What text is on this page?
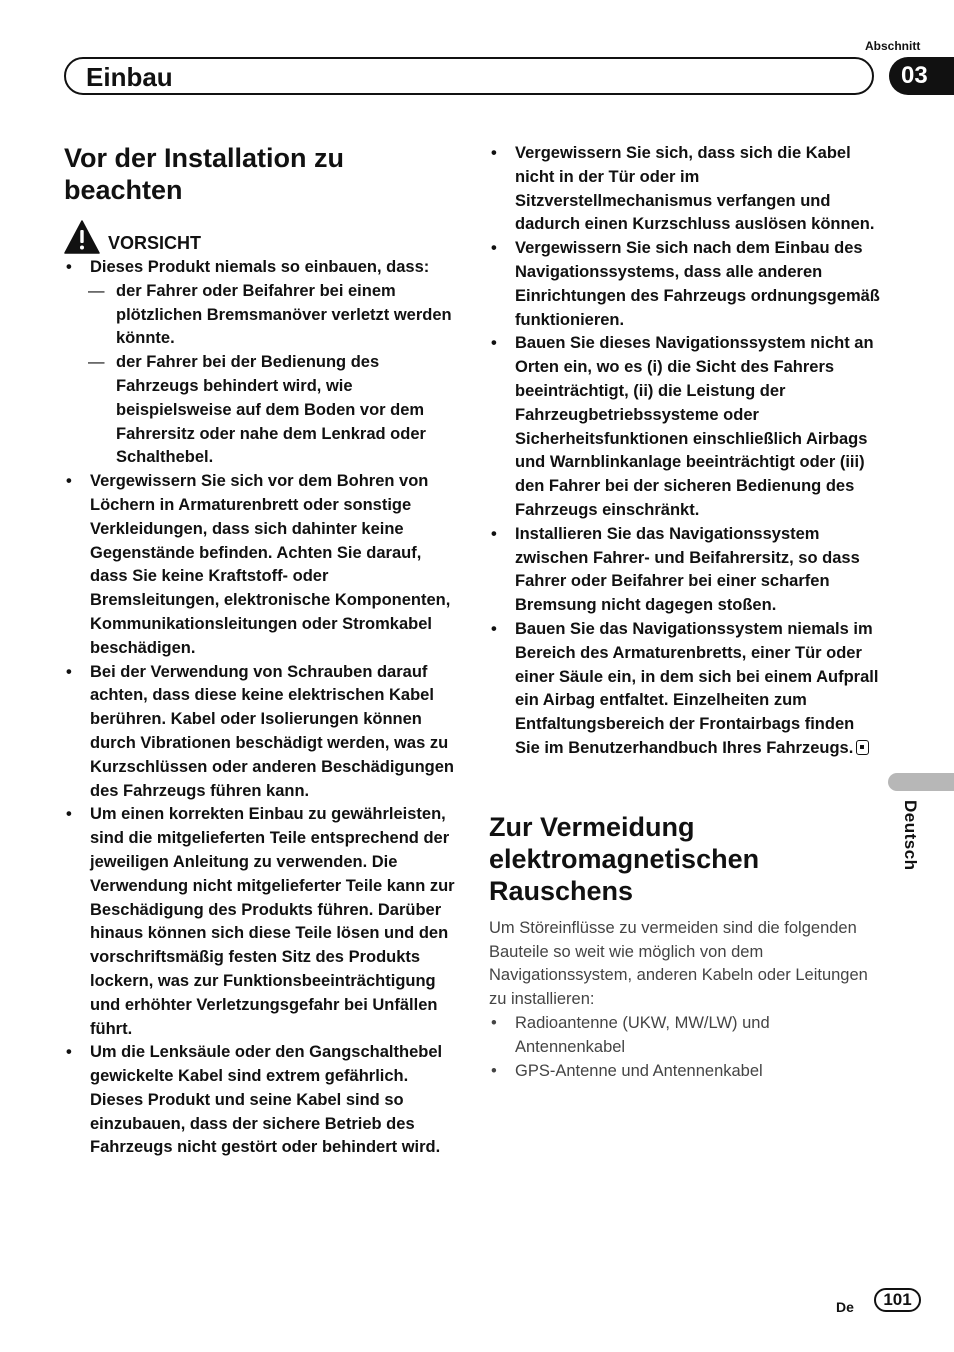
Abschnitt
Einbau	03
Vor der Installation zu beachten
VORSICHT
• Dieses Produkt niemals so einbauen, dass:
— der Fahrer oder Beifahrer bei einem plötzlichen Bremsmanöver verletzt werden könnte.
— der Fahrer bei der Bedienung des Fahrzeugs behindert wird, wie beispielsweise auf dem Boden vor dem Fahrersitz oder nahe dem Lenkrad oder Schalthebel.
• Vergewissern Sie sich vor dem Bohren von Löchern in Armaturenbrett oder sonstige Verkleidungen, dass sich dahinter keine Gegenstände befinden. Achten Sie darauf, dass Sie keine Kraftstoff- oder Bremsleitungen, elektronische Komponenten, Kommunikationsleitungen oder Stromkabel beschädigen.
• Bei der Verwendung von Schrauben darauf achten, dass diese keine elektrischen Kabel berühren. Kabel oder Isolierungen können durch Vibrationen beschädigt werden, was zu Kurzschlüssen oder anderen Beschädigungen des Fahrzeugs führen kann.
• Um einen korrekten Einbau zu gewährleisten, sind die mitgelieferten Teile entsprechend der jeweiligen Anleitung zu verwenden. Die Verwendung nicht mitgelieferter Teile kann zur Beschädigung des Produkts führen. Darüber hinaus können sich diese Teile lösen und den vorschriftsmäßig festen Sitz des Produkts lockern, was zur Funktionsbeeinträchtigung und erhöhter Verletzungsgefahr bei Unfällen führt.
• Um die Lenksäule oder den Gangschalthebel gewickelte Kabel sind extrem gefährlich. Dieses Produkt und seine Kabel sind so einzubauen, dass der sichere Betrieb des Fahrzeugs nicht gestört oder behindert wird.
• Vergewissern Sie sich, dass sich die Kabel nicht in der Tür oder im Sitzverstellmechanismus verfangen und dadurch einen Kurzschluss auslösen können.
• Vergewissern Sie sich nach dem Einbau des Navigationssystems, dass alle anderen Einrichtungen des Fahrzeugs ordnungsgemäß funktionieren.
• Bauen Sie dieses Navigationssystem nicht an Orten ein, wo es (i) die Sicht des Fahrers beeinträchtigt, (ii) die Leistung der Fahrzeugbetriebssysteme oder Sicherheitsfunktionen einschließlich Airbags und Warnblinkanlage beeinträchtigt oder (iii) den Fahrer bei der sicheren Bedienung des Fahrzeugs einschränkt.
• Installieren Sie das Navigationssystem zwischen Fahrer- und Beifahrersitz, so dass Fahrer oder Beifahrer bei einer scharfen Bremsung nicht dagegen stoßen.
• Bauen Sie das Navigationssystem niemals im Bereich des Armaturenbretts, einer Tür oder einer Säule ein, in dem sich bei einem Aufprall ein Airbag entfaltet. Einzelheiten zum Entfaltungsbereich der Frontairbags finden Sie im Benutzerhandbuch Ihres Fahrzeugs.
Zur Vermeidung elektromagnetischen Rauschens

Um Störeinflüsse zu vermeiden sind die folgenden Bauteile so weit wie möglich von dem Navigationssystem, anderen Kabeln oder Leitungen zu installieren:

• Radioantenne (UKW, MW/LW) und Antennenkabel
• GPS-Antenne und Antennenkabel
Deutsch
De	101
